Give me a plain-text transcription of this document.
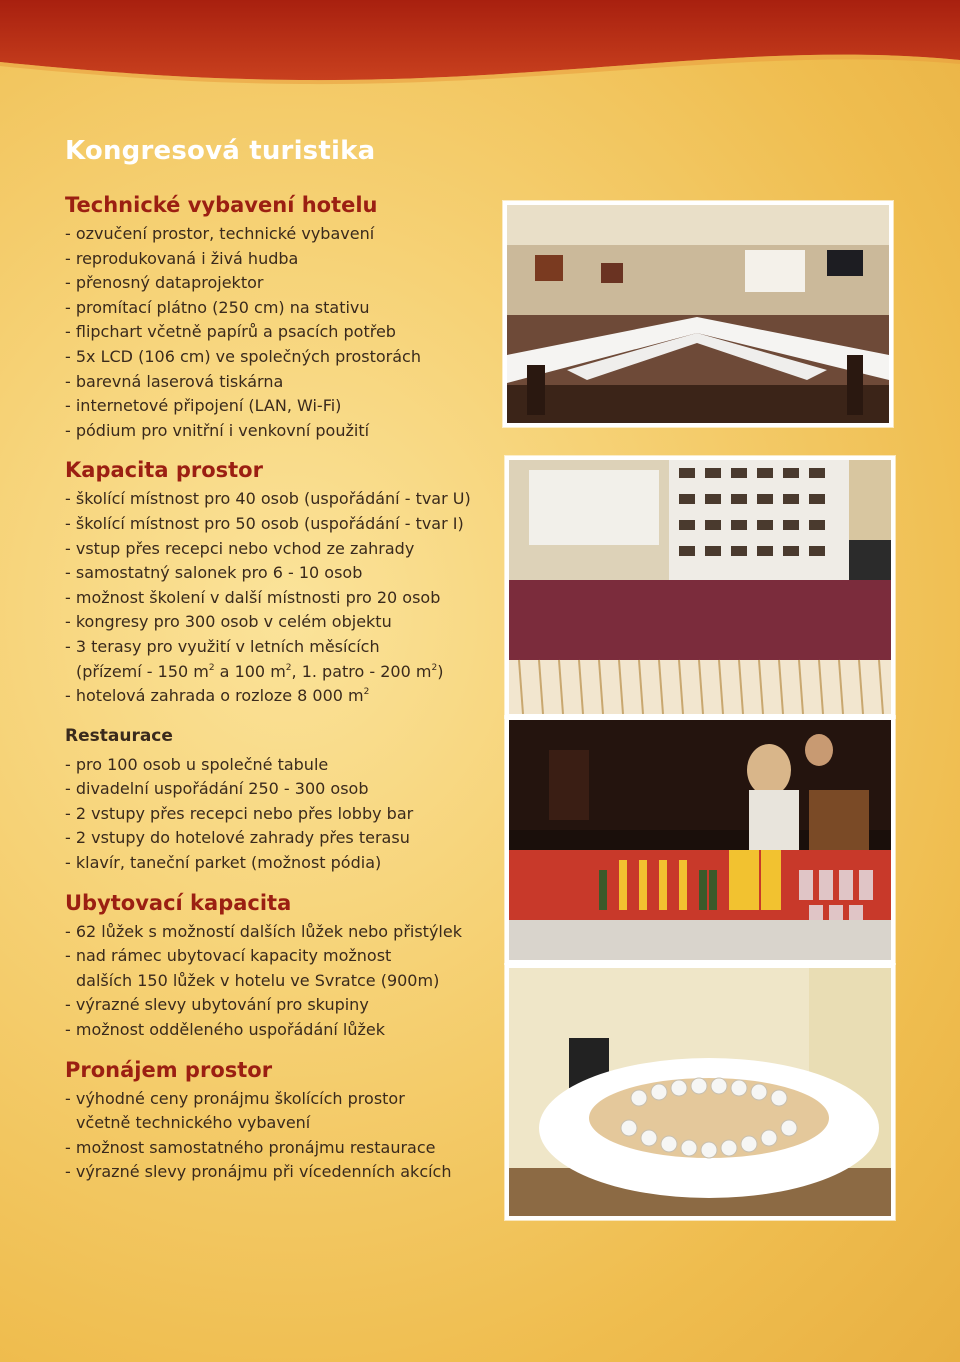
Kongresová turistika
Technické vybavení hotelu

- ozvučení prostor, technické vybavení

- reprodukovaná i živá hudba

- přenosný dataprojektor

- promítací plátno (250 cm) na stativu

- flipchart včetně papírů a psacích potřeb

- 5x LCD (106 cm) ve společných prostorách

- barevná laserová tiskárna

- internetové připojení (LAN, Wi-Fi)

- pódium pro vnitřní i venkovní použití

Kapacita prostor

- školící místnost pro 40 osob (uspořádání - tvar U)

- školící místnost pro 50 osob (uspořádání - tvar I)

- vstup přes recepci nebo vchod ze zahrady

- samostatný salonek pro 6 - 10 osob

- možnost školení v další místnosti pro 20 osob

- kongresy pro 300 osob v celém objektu

- 3 terasy pro využití v letních měsících

(přízemí - 150 $m^2$ a 100 $m^2$, 1. patro - 200 $m^2$)

- hotelová zahrada o rozloze 8 000 $m^2$

Restaurace

- pro 100 osob u společné tabule

- divadelní uspořádání 250 - 300 osob

- 2 vstupy přes recepci nebo přes lobby bar

- 2 vstupy do hotelové zahrady přes terasu

- klavír, taneční parket (možnost pódia)

Ubytovací kapacita

- 62 lůžek s možností dalších lůžek nebo přistýlek

- nad rámec ubytovací kapacity možnost

dalších 150 lůžek v hotelu ve Svratce (900m)

- výrazné slevy ubytování pro skupiny

- možnost odděleného uspořádání lůžek

Pronájem prostor

- výhodné ceny pronájmu školících prostor

včetně technického vybavení

- možnost samostatného pronájmu restaurace

- výrazné slevy pronájmu při vícedenních akcích
